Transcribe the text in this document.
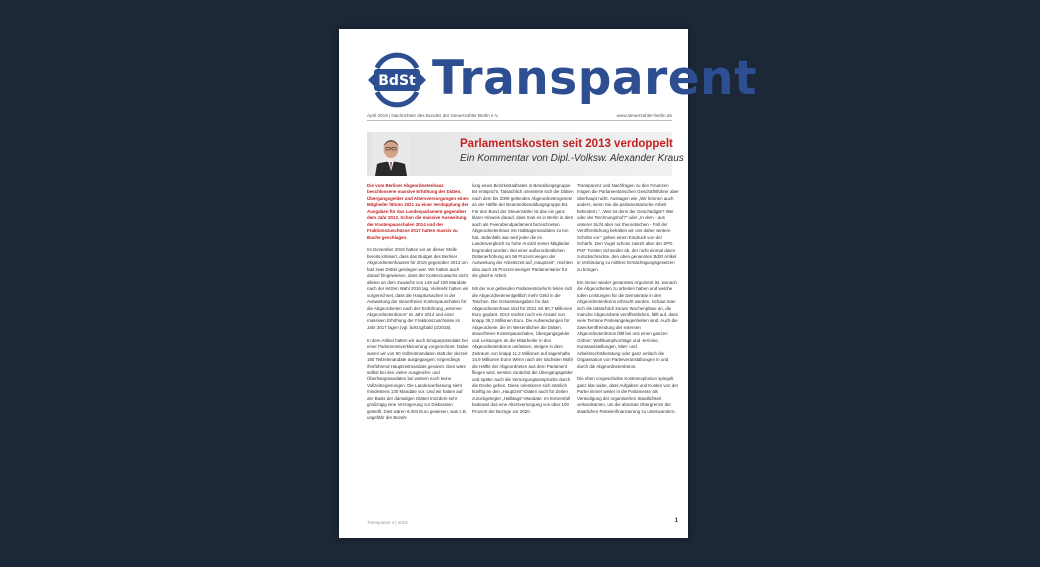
BdSt Transparent
April 2019 | Nachrichten des Bundes der Steuerzahler Berlin e.V.	www.steuerzahler-berlin.de
Parlamentskosten seit 2013 verdoppelt
Ein Kommentar von Dipl.-Volksw. Alexander Kraus

Die vom Berliner Abgeordnetenhaus beschlossene massive Erhöhung der Diäten, Übergangsgelder und Altersversorgungen eines Mitglieder führen 2021 zu einer Verdopplung der Ausgaben für das Landesparlament gegenüber dem Jahr 2013. Schon die massive Ausweitung der Kostenpauschalen 2014 und der Fraktionszuschüsse 2017 hatten massiv zu Buche geschlagen.

Im Dezember 2018 hatten wir an dieser Stelle bereits kritisiert, dass das Budget des Berliner Abgeordnetenhauses für 2019 gegenüber 2013 um fast zwei Drittel gestiegen war. Wir hatten auch darauf hingewiesen, dass der Kostenzuwachs nicht alleine an dem Zuwachs von 149 auf 160 Mandate nach der letzten Wahl 2016 lag. Vielmehr hatten wir vorgerechnet, dass die Hauptursachen in der Ausweitung der steuerfreien Kostenpauschalen für die Abgeordneten nach der Einführung „externer Abgeordnetenbüros“ im Jahr 2014 und einer massiven Erhöhung der Fraktionszuschüsse im Jahr 2017 lagen (vgl. bdst.tg/bald (2/2018).

In dem Artikel hatten wir auch Einsparpotentiale bei einer Parlamentsverkleinerung vorgerechnet: Dabei waren wir von 90 Vollzeitmandaten statt der derzeit 160 Teilzeitmandate ausgegangen; nirgendings ihreführend Hauptzeitmandats genannt. Dies wäre selbst bei den vielen Ausgleichs- und Überhangmandaten bei weitem noch keine Vollzeitregierungen. Die Landesverfassung sieht mindestens 130 Mandate vor. Und wir hatten auf der Basis der damaligen Diäten trotzdem sehr großzügig eine Verzögerung zur Diskussion gestellt. Dies wären 8.304 Euro gewesen, was z.B. ungefähr der Bezah-

lung eines Bezirksstadtrates in Besoldungsgruppe B4 entspricht. Tatsächlich orientierte sich die Diäten nach dem bis 2009 geltenden Abgeordnetengesetz an der Hälfte der Beamtenbesoldungsgruppe B4. Für den Bund der Steuerzahler ist das ein ganz klarer Hinweis darauf, dass man es in Berlin in dem auch als Feierabendparlament bezeichneten Abgeordnetenhaus mit Halbtagsmandaten zu tun hat. Jedenfalls war weil jeder die im Landesvergleich so hohe Anzahl seiner Mitglieder begründet worden. Bei einer außerordentlichen Diätenerhöhung um 58 Prozent wegen der Ausweitung der Arbeitszeit auf „Hauptzeit“, reichten also auch 26 Prozent weniger Parlamentarier für die gleiche Arbeit.

Mit der nun geltenden Parlamentsreform leiten sich die Abgeordnetenentgeltlich mehr Geld in die Taschen. Die Gesamtausgaben für das Abgeordnetenhaus sind für 2021 mit 80,7 Millionen Euro geplant. 2013 reichte noch ein Ansatz von knapp 39,2 Millionen Euro. Die Aufwendungen für Abgeordnete, die im Wesentlichen die Diäten, steuerfreien Kostenpauschalen, Übergangsgelder und Leistungen an die Mitarbeiter in den Abgeordnetenbüros umfassen, steigen in dem Zeitraum von knapp 11,2 Millionen auf sagenhafte 34,9 Millionen Euro! Wenn nach der nächsten Wahl die Hälfte der Abgeordneten aus dem Parlament fliegen wird, werden zunächst die Übergangsgelder und später auch die Versorgungsansprüche durch die Decke gehen. Diese orientieren sich nämlich künftig an den „Hauptzeit“-Diäten auch für Zeiten zurückgelegter „Halbtags“-Mandate. Im Extremfall bedeutet das eine Altersversorgung von über 100 Prozent der Bezüge vor 2020.

Transparenz und Nachfragen zu den Finanzen mögen die Parlamentarischen Geschäftsführer aber überhaupt nicht. Aussagen wie „Wir können auch anders, wenn Sie die parlamentarische Arbeit behindern.“, „Wer ist denn der Geschädigte? Wer oder der Rechnungshof?“ oder „In dem - aus unserer Sicht aber nur theoretischen - Fall der Veröffentlichung behalten wir uns daher weitere Schritte vor.“ geben einen Eindruck von der Schärfe. Den Vogel schoss zuletzt aber der SPD PGF Torsten Schneider ab, der nicht einmal davor zurückschreckte, den oben genannten BdSt Artikel in Verbindung zu mittlere Ermächtigungsgesetzen zu bringen.

Ein immer wieder genanntes Argument ist, wonach die Abgeordneten zu arbeiten haben und welche tollen Leistungen für die Demokratie in den Abgeordnetenbüros erbracht werden. Schaut man sich die tatsächlich known Wochenpläne an, die manche Abgeordnete veröffentlichen, fällt auf, dass viele Termine Parteiangelegenheiten sind. Auch die Zweckentfremdung der externen Abgeordnetenbüros fällt bei uns einen ganzen Ordner: Wahlkampfvorträge und -termine, Kunstausstellungen, Miet- und Arbeitsrechtsberatung oder ganz einfach die Organisation von Parteiveranstaltungen in und durch die Abgeordnetenbüros.

Die eben vorgeschickte Kostenexplosion spiegelt ganz klar wider, dass Aufgaben und Kosten von der Partei immer weiter in die Parlamente als Verteidigung der organisierten Staatlichkeit verlandsamen, um die absolute Obergrenze der staatlichen Parteienfinanzierung zu unterwandern.

Transparent 4 | 2019	1
